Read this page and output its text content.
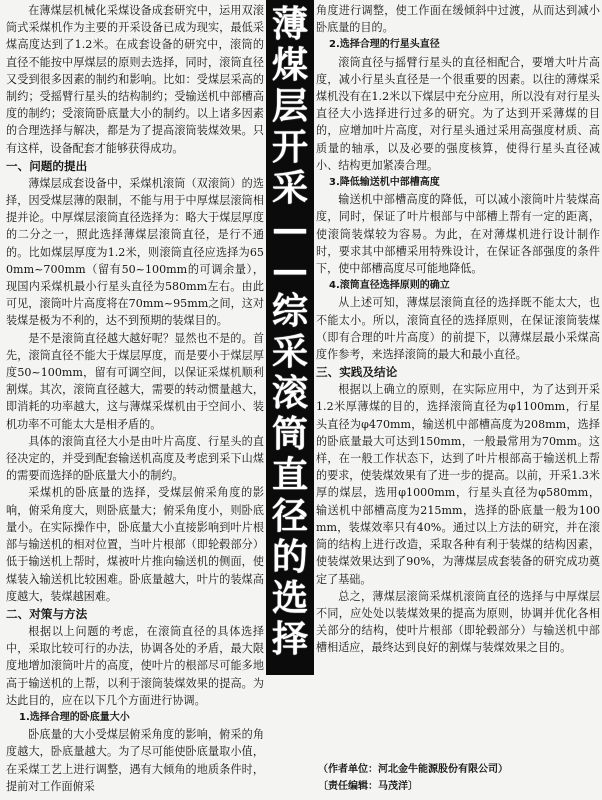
在薄煤层机械化采煤设备成套研究中，运用双滚筒式采煤机作为主要的开采设备已成为现实，最低采煤高度达到了1.2米。在成套设备的研究中，滚筒的直径不能按中厚煤层的原则去选择，同时，滚筒直径又受到很多因素的制约和影响。比如：受煤层采高的制约；受摇臂行星头的结构制约；受输送机中部槽高度的制约；受滚筒卧底量大小的制约。以上诸多因素的合理选择与解决，都是为了提高滚筒装煤效果。只有这样，设备配套才能够获得成功。

一、问题的提出

薄煤层成套设备中，采煤机滚筒（双滚筒）的选择，因受煤层薄的限制，不能与用于中厚煤层滚筒相提并论。中厚煤层滚筒直径选择为：略大于煤层厚度的二分之一，照此选择薄煤层滚筒直径，是行不通的。比如煤层厚度为1.2米，则滚筒直径应选择为650mm~700mm（留有50~100mm的可调余量），现国内采煤机最小行星头直径为580mm左右。由此可见，滚筒叶片高度将在70mm~95mm之间，这对装煤是极为不利的，达不到预期的装煤目的。

是不是滚筒直径越大越好呢？显然也不是的。首先，滚筒直径不能大于煤层厚度，而是要小于煤层厚度50~100mm，留有可调空间，以保证采煤机顺利割煤。其次，滚筒直径越大，需要的转动惯量越大，即消耗的功率越大，这与薄煤采煤机由于空间小、装机功率不可能太大是相矛盾的。

具体的滚筒直径大小是由叶片高度、行星头的直径决定的，并受到配套输送机高度及考虑到采下山煤的需要而选择的卧底量大小的制约。

采煤机的卧底量的选择，受煤层俯采角度的影响，俯采角度大，则卧底量大；俯采角度小，则卧底量小。在实际操作中，卧底量大小直接影响到叶片根部与输送机的相对位置，当叶片根部（即轮毂部分）低于输送机上帮时，煤被叶片推向输送机的侧面，使煤装入输送机比较困难。卧底量越大，叶片的装煤高度越大，装煤越困难。

二、对策与方法

根据以上问题的考虑，在滚筒直径的具体选择中，采取比较可行的办法，协调各处的矛盾，最大限度地增加滚筒叶片的高度，使叶片的根部尽可能多地高于输送机的上帮，以利于滚筒装煤效果的提高。为达此目的，应在以下几个方面进行协调。

1.选择合理的卧底量大小

卧底量的大小受煤层俯采角度的影响，俯采的角度越大，卧底量越大。为了尽可能使卧底量取小值，在采煤工艺上进行调整，遇有大倾角的地质条件时，提前对工作面俯采

薄
煤
层
开
采
—
—
综
采
滚
筒
直
径
的
选
择

角度进行调整，使工作面在缓倾斜中过渡，从而达到减小卧底量的目的。

2.选择合理的行星头直径

滚筒直径与摇臂行星头的直径相配合，要增大叶片高度，减小行星头直径是一个很重要的因素。以往的薄煤采煤机没有在1.2米以下煤层中充分应用，所以没有对行星头直径大小选择进行过多的研究。为了达到开采薄煤的目的，应增加叶片高度，对行星头通过采用高强度材质、高质量的轴承，以及必要的强度核算，使得行星头直径减小、结构更加紧凑合理。

3.降低输送机中部槽高度

输送机中部槽高度的降低，可以减小滚筒叶片装煤高度，同时，保证了叶片根部与中部槽上帮有一定的距离，使滚筒装煤较为容易。为此，在对薄煤机进行设计制作时，要求其中部槽采用特殊设计，在保证各部强度的条件下，使中部槽高度尽可能地降低。

4.滚筒直径选择原则的确立

从上述可知，薄煤层滚筒直径的选择既不能太大，也不能太小。所以，滚筒直径的选择原则，在保证滚筒装煤（即有合理的叶片高度）的前提下，以薄煤层最小采煤高度作参考，来选择滚筒的最大和最小直径。

三、实践及结论

根据以上确立的原则，在实际应用中，为了达到开采1.2米厚薄煤的目的，选择滚筒直径为φ1100mm，行星头直径为φ470mm，输送机中部槽高度为208mm，选择的卧底量最大可达到150mm，一般最常用为70mm。这样，在一般工作状态下，达到了叶片根部高于输送机上帮的要求，使装煤效果有了进一步的提高。以前，开采1.3米厚的煤层，选用φ1000mm，行星头直径为φ580mm，输送机中部槽高度为215mm，选择的卧底量一般为100mm，装煤效率只有40%。通过以上方法的研究，并在滚筒的结构上进行改造，采取各种有利于装煤的结构因素，使装煤效果达到了90%，为薄煤层成套装备的研究成功奠定了基础。

总之，薄煤层滚筒采煤机滚筒直径的选择与中厚煤层不同，应处处以装煤效果的提高为原则，协调并优化各相关部分的结构，使叶片根部（即轮毂部分）与输送机中部槽相适应，最终达到良好的割煤与装煤效果之目的。

（作者单位：河北金牛能源股份有限公司）
〔责任编辑：马茂洋〕
